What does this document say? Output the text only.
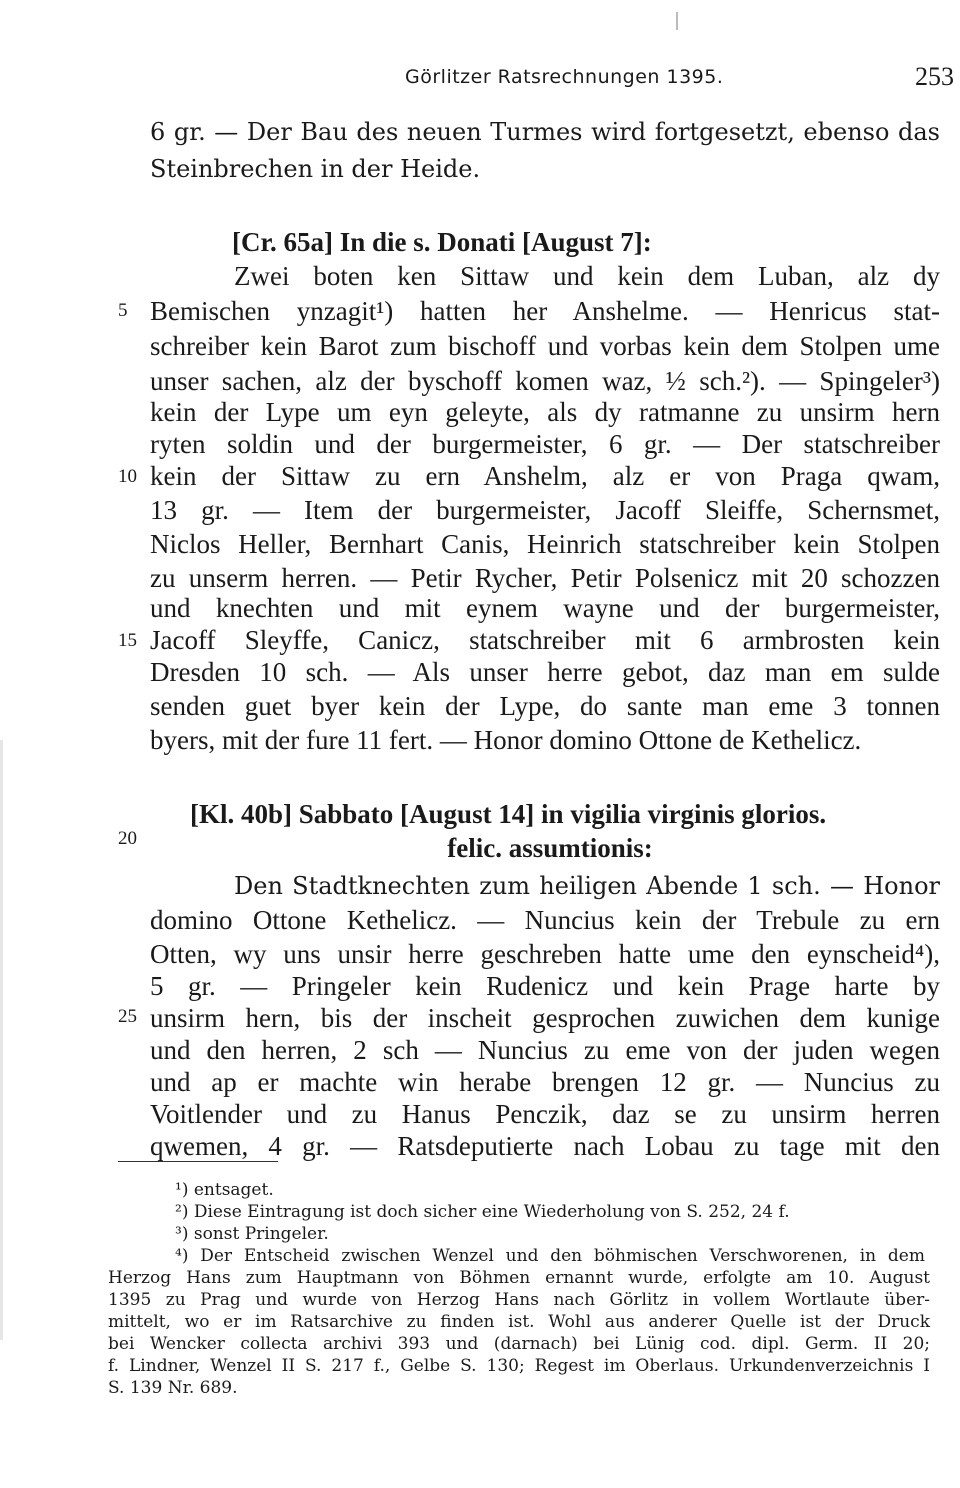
Görlitzer Ratsrechnungen 1395.	253
6 gr. — Der Bau des neuen Turmes wird fortgesetzt, ebenso das
Steinbrechen in der Heide.
[Cr. 65a] In die s. Donati [August 7]:
Zwei boten ken Sittaw und kein dem Luban, alz dy
Bemischen ynzagit¹) hatten her Anshelme. — Henricus stat-
schreiber kein Barot zum bischoff und vorbas kein dem Stolpen ume
unser sachen, alz der byschoff komen waz, ½ sch.²). — Spingeler³)
kein der Lype um eyn geleyte, als dy ratmanne zu unsirm hern
ryten soldin und der burgermeister, 6 gr. — Der statschreiber
kein der Sittaw zu ern Anshelm, alz er von Praga qwam,
13 gr. — Item der burgermeister, Jacoff Sleiffe, Schernsmet,
Niclos Heller, Bernhart Canis, Heinrich statschreiber kein Stolpen
zu unserm herren. — Petir Rycher, Petir Polsenicz mit 20 schozzen
und knechten und mit eynem wayne und der burgermeister,
Jacoff Sleyffe, Canicz, statschreiber mit 6 armbrosten kein
Dresden 10 sch. — Als unser herre gebot, daz man em sulde
senden guet byer kein der Lype, do sante man eme 3 tonnen
byers, mit der fure 11 fert. — Honor domino Ottone de Kethelicz.
[Kl. 40b] Sabbato [August 14] in vigilia virginis glorios.
felic. assumtionis:
Den Stadtknechten zum heiligen Abende 1 sch. — Honor
domino Ottone Kethelicz. — Nuncius kein der Trebule zu ern
Otten, wy uns unsir herre geschreben hatte ume den eynscheid⁴),
5 gr. — Pringeler kein Rudenicz und kein Prage harte by
unsirm hern, bis der inscheit gesprochen zuwichen dem kunige
und den herren, 2 sch — Nuncius zu eme von der juden wegen
und ap er machte win herabe brengen 12 gr. — Nuncius zu
Voitlender und zu Hanus Penczik, daz se zu unsirm herren
qwemen, 4 gr. — Ratsdeputierte nach Lobau zu tage mit den
5
10
15
20
25
¹) entsaget.
²) Diese Eintragung ist doch sicher eine Wiederholung von S. 252, 24 f.
³) sonst Pringeler.
⁴) Der Entscheid zwischen Wenzel und den böhmischen Verschworenen, in dem
Herzog Hans zum Hauptmann von Böhmen ernannt wurde, erfolgte am 10. August
1395 zu Prag und wurde von Herzog Hans nach Görlitz in vollem Wortlaute über-
mittelt, wo er im Ratsarchive zu finden ist. Wohl aus anderer Quelle ist der Druck
bei Wencker collecta archivi 393 und (darnach) bei Lünig cod. dipl. Germ. II 20;
f. Lindner, Wenzel II S. 217 f., Gelbe S. 130; Regest im Oberlaus. Urkundenverzeichnis I
S. 139 Nr. 689.
